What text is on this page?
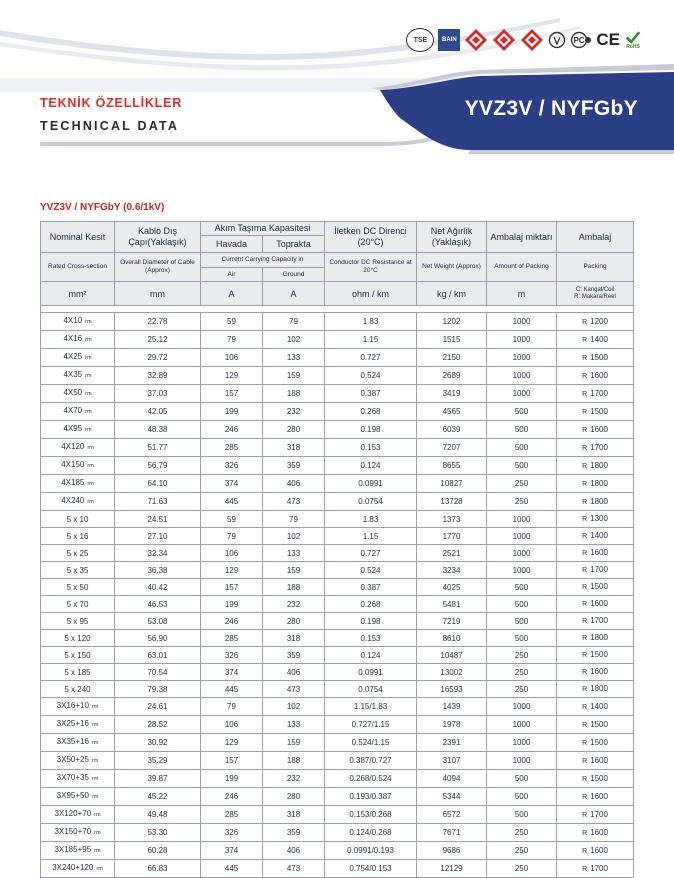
TSE BAIN	PC CE RoHS
TEKNİK ÖZELLİKLER
TECHNICAL DATA
YVZ3V / NYFGbY
YVZ3V / NYFGbY (0.6/1kV)
Nominal Kesit	Kablo Dış Çapı(Yaklaşık)	Akım Taşıma Kapasitesi		İletken DC Direnci (20°C)	Net Ağırlık (Yaklaşık)	Ambalaj miktarı	Ambalaj
		Havada	Toprakta				
Rated Cross-section	Overall Diameter of Cable (Approx)	Current Carrying Capacity in		Conductor DC Resistance at 20°C	Net Weight (Approx)	Amount of Packing	Packing
		Air	Ground				
mm²	mm	A	A	ohm / km	kg / km	m	C: Kangal/Coil
R: Makara/Reel

4X10 rm	22.78	59	79	1.83	1202	1000	R 1200
4X16 rm	25.12	79	102	1.15	1515	1000	R 1400
4X25 rm	29.72	106	133	0.727	2150	1000	R 1500
4X35 rm	32.89	129	159	0.524	2689	1000	R 1600
4X50 rm	37.03	157	188	0.387	3419	1000	R 1700
4X70 rm	42.05	199	232	0.268	4565	500	R 1500
4X95 rm	48.38	246	280	0.198	6039	500	R 1600
4X120 rm	51.77	285	318	0.153	7207	500	R 1700
4X150 rm	56.79	326	359	0.124	8655	500	R 1800
4X185 rm	64.10	374	406	0.0991	10827	250	R 1800
4X240 rm	71.63	445	473	0.0754	13728	250	R 1800
5 x 10	24.51	59	79	1.83	1373	1000	R 1300
5 x 16	27.10	79	102	1.15	1770	1000	R 1400
5 x 25	32.34	106	133	0.727	2521	1000	R 1600
5 x 35	36.38	129	159	0.524	3234	1000	R 1700
5 x 50	40.42	157	188	0.387	4025	500	R 1500
5 x 70	46.53	199	232	0.268	5481	500	R 1600
5 x 95	53.08	246	280	0.198	7219	500	R 1700
5 x 120	56.90	285	318	0.153	8610	500	R 1800
5 x 150	63.01	326	359	0.124	10487	250	R 1500
5 x 185	70.54	374	406	0.0991	13002	250	R 1600
5 x 240	79.38	445	473	0.0754	16593	250	R 1800
3X16+10 rm	24.61	79	102	1.15/1.83	1439	1000	R 1400
3X25+16 rm	28.52	106	133	0.727/1.15	1978	1000	R 1500
3X35+16 rm	30.92	129	159	0.524/1.15	2391	1000	R 1500
3X50+25 rm	35.29	157	188	0.387/0.727	3107	1000	R 1600
3X70+35 rm	39.87	199	232	0.268/0.524	4094	500	R 1500
3X95+50 rm	45.22	246	280	0.193/0.387	5344	500	R 1600
3X120+70 rm	49.48	285	318	0.153/0.268	6572	500	R 1700
3X150+70 rm	53.30	326	359	0.124/0.268	7671	250	R 1600
3X185+95 rm	60.28	374	406	0.0991/0.193	9686	250	R 1600
3X240+120 rm	66.83	445	473	0.754/0.153	12129	250	R 1700
